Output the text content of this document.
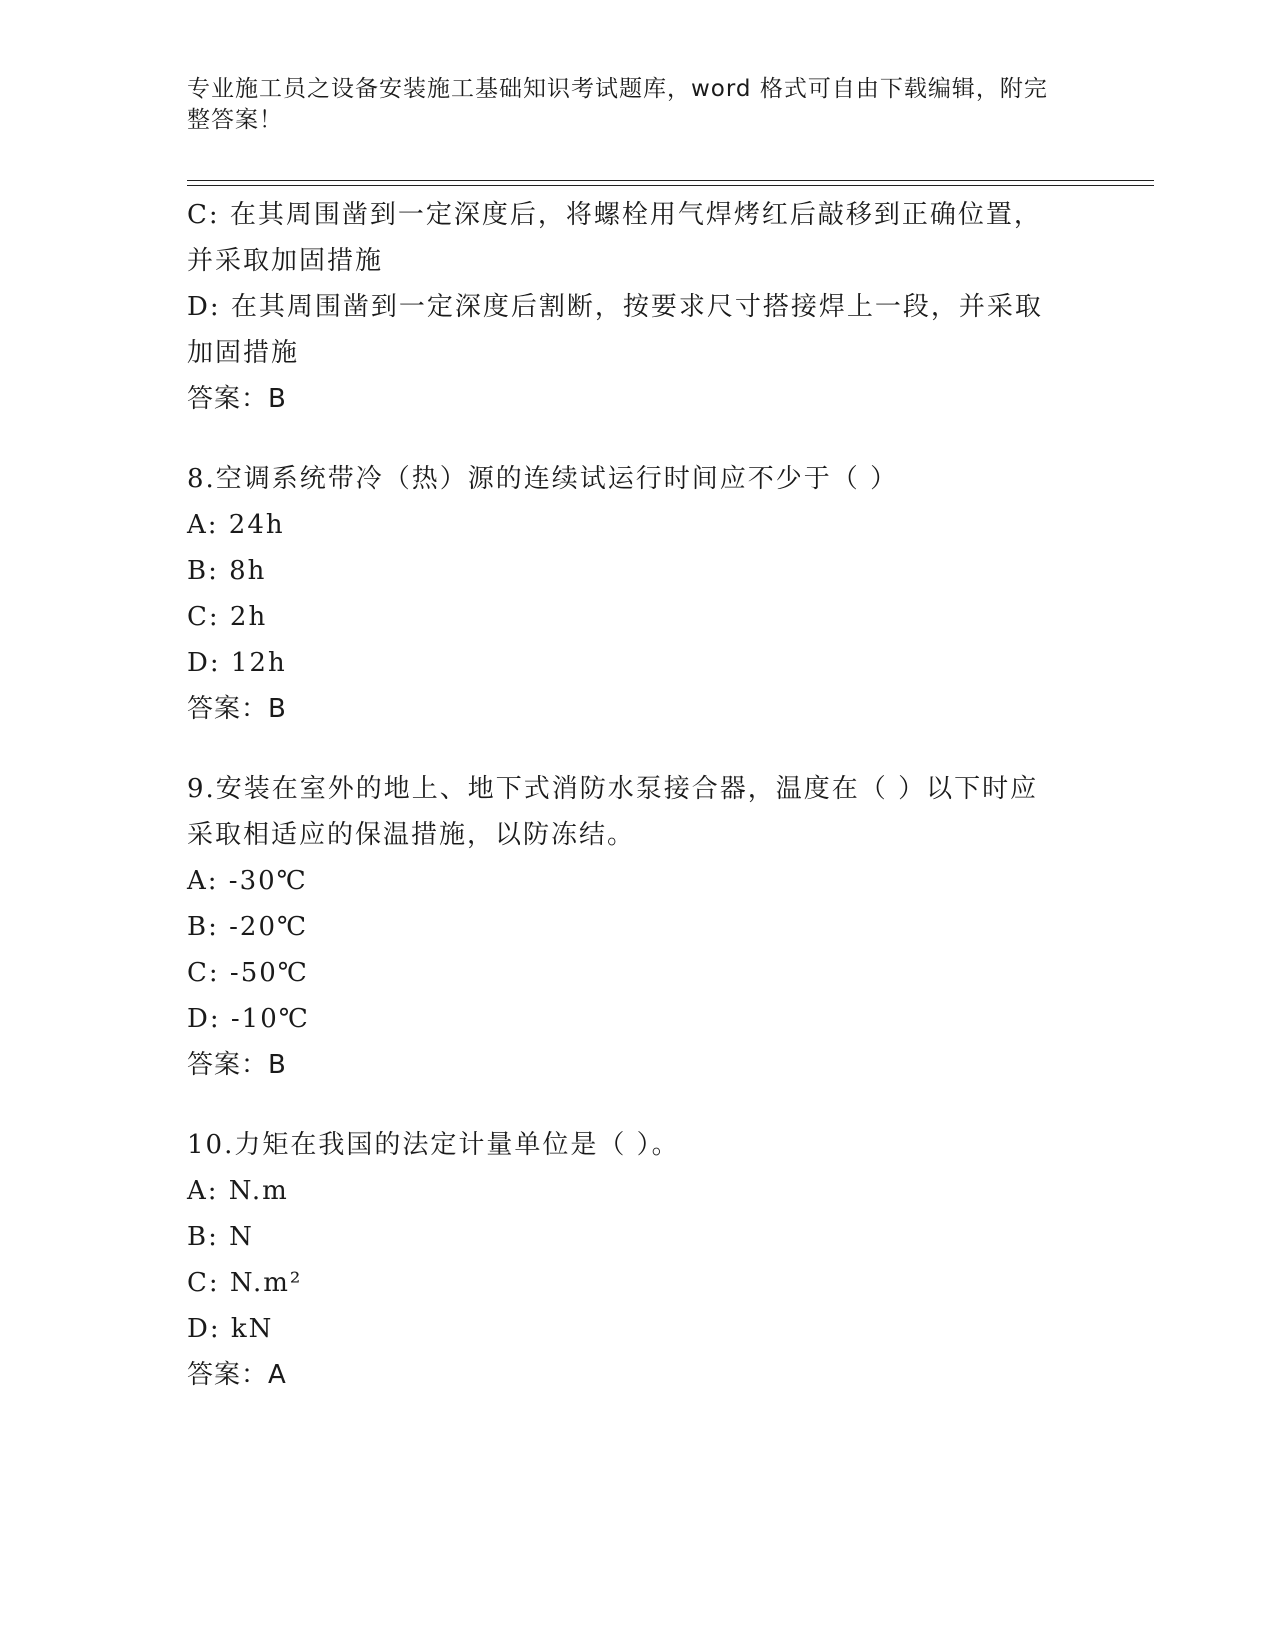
专业施工员之设备安装施工基础知识考试题库，word 格式可自由下载编辑，附完
整答案！
C: 在其周围凿到一定深度后，将螺栓用气焊烤红后敲移到正确位置，
并采取加固措施
D: 在其周围凿到一定深度后割断，按要求尺寸搭接焊上一段，并采取
加固措施
答案：B
8.空调系统带冷（热）源的连续试运行时间应不少于（ ）
A: 24h
B: 8h
C: 2h
D: 12h
答案：B
9.安装在室外的地上、地下式消防水泵接合器，温度在（ ）以下时应
采取相适应的保温措施，以防冻结。
A: -30℃
B: -20℃
C: -50℃
D: -10℃
答案：B
10.力矩在我国的法定计量单位是（ ）。
A: N.m
B: N
C: N.m²
D: kN
答案：A
